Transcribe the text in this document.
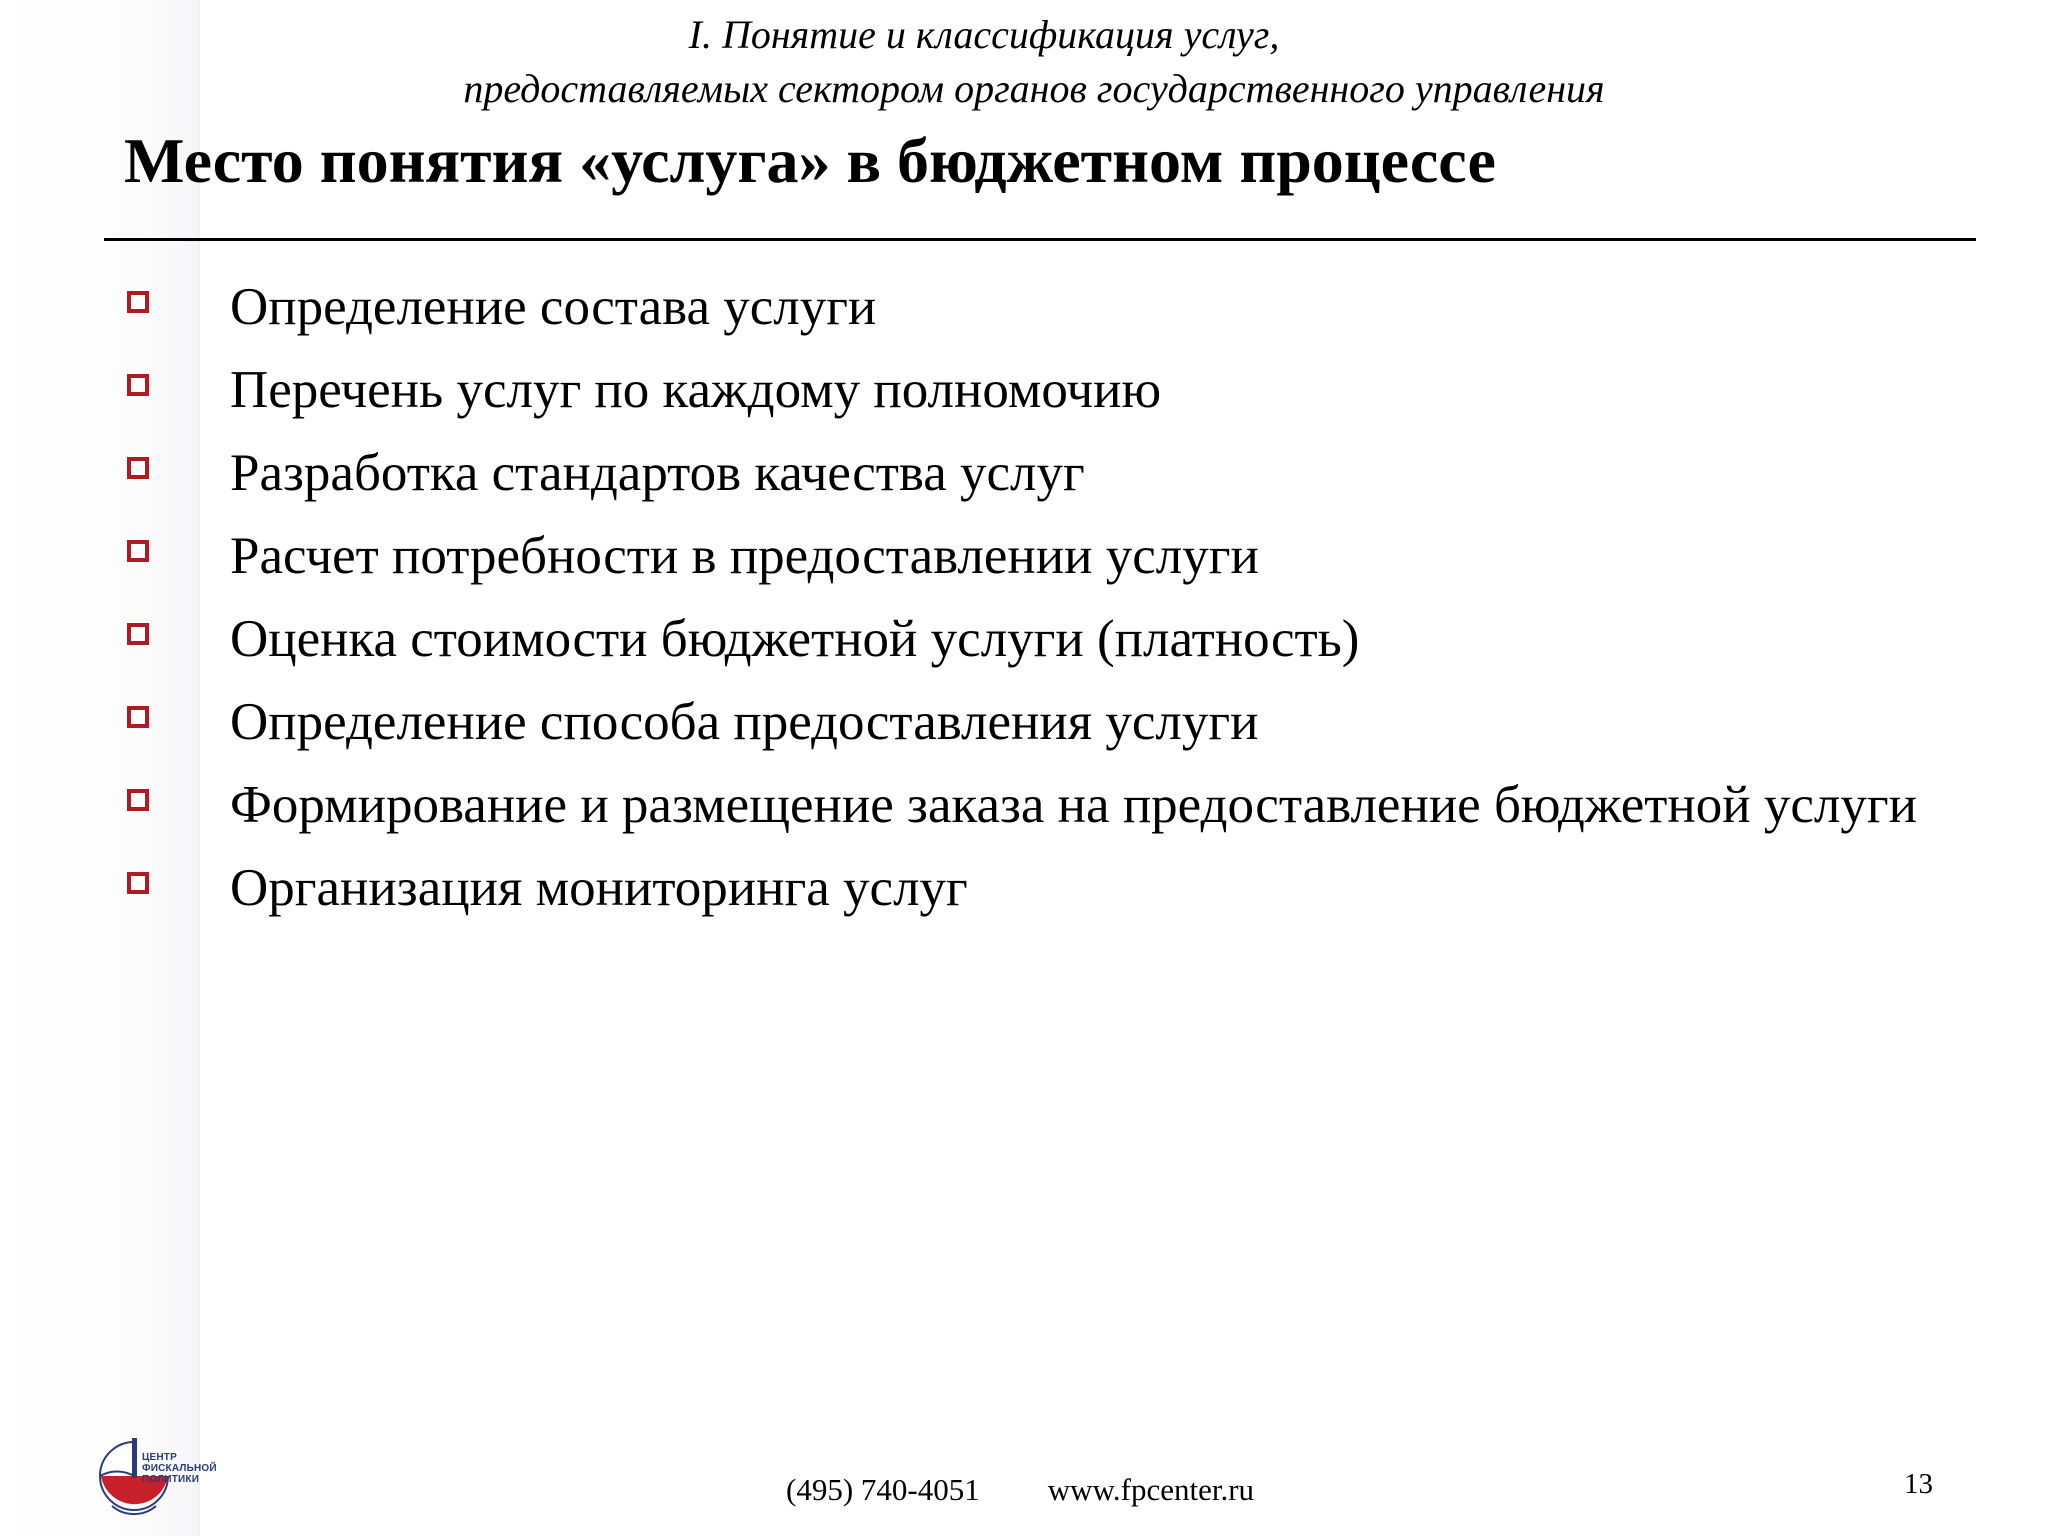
I. Понятие и классификация услуг,
предоставляемых сектором органов государственного управления
Место понятия «услуга» в бюджетном процессе
Определение состава услуги
Перечень услуг по каждому полномочию
Разработка стандартов качества услуг
Расчет потребности в предоставлении услуги
Оценка стоимости бюджетной услуги (платность)
Определение способа предоставления услуги
Формирование и размещение заказа на предоставление бюджетной услуги
Организация мониторинга услуг
ЦЕНТР
ФИСКАЛЬНОЙ
ПОЛИТИКИ	(495) 740-4051 www.fpcenter.ru	13
